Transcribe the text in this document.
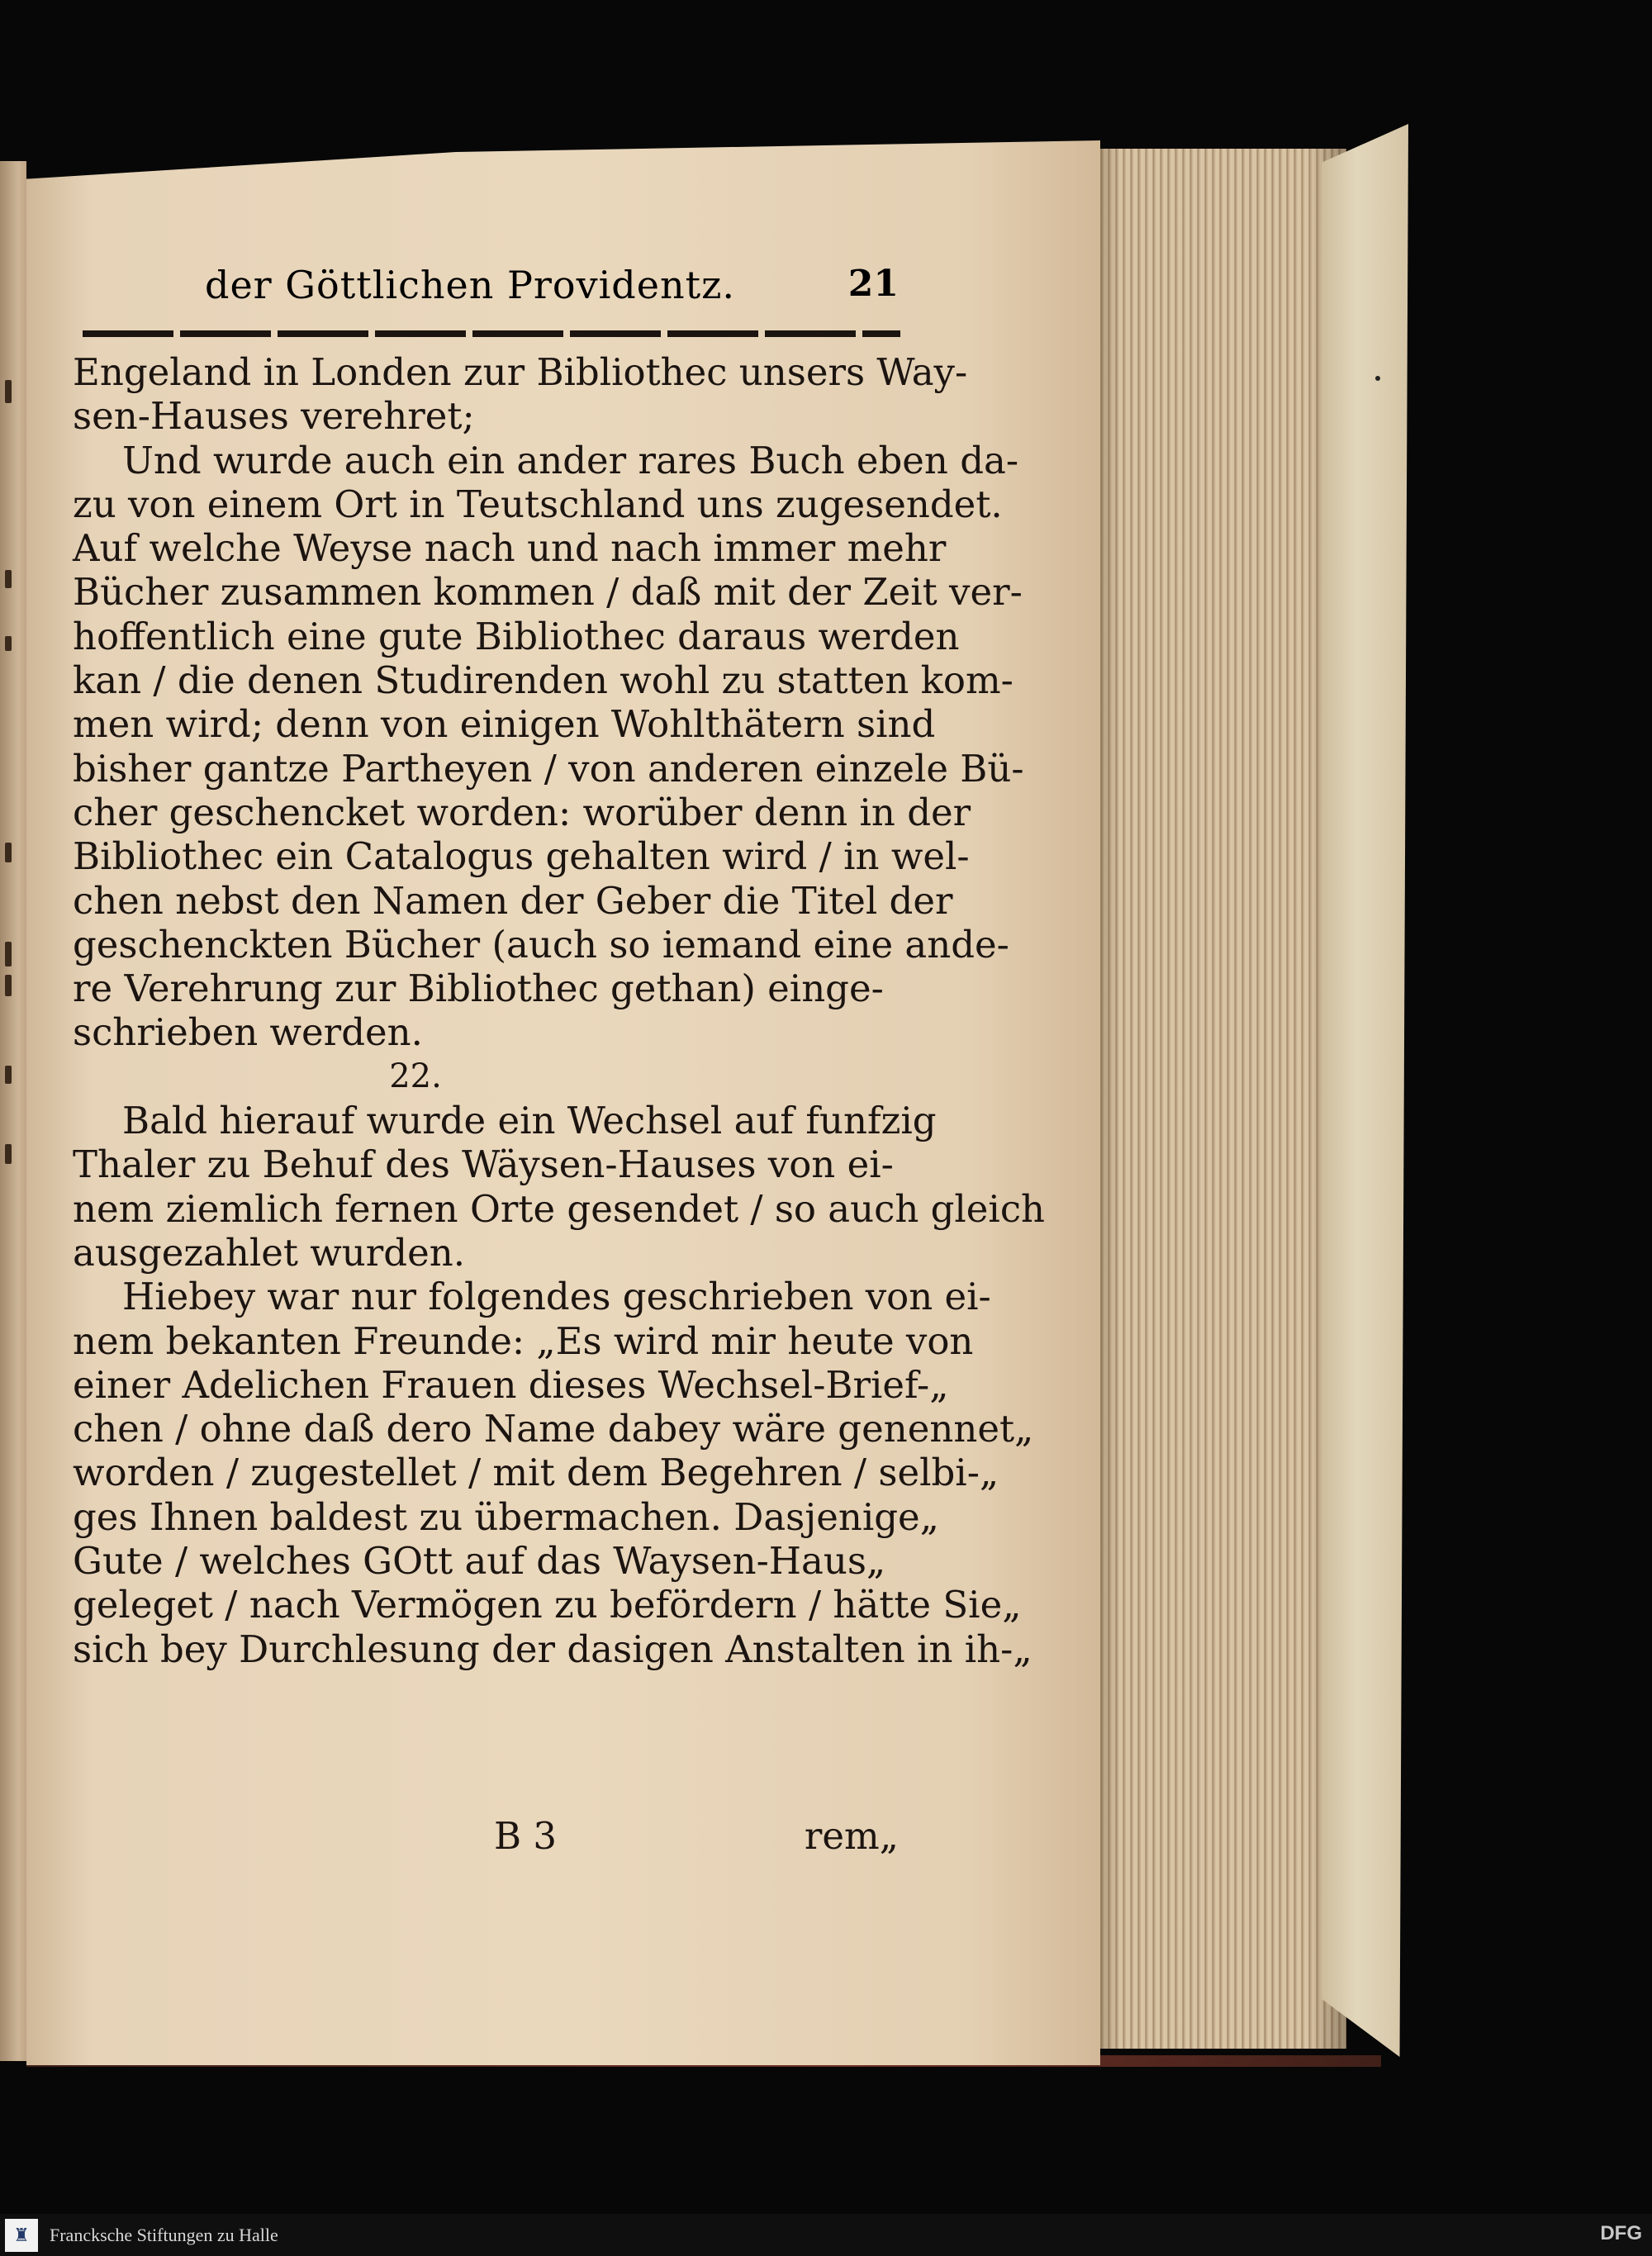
der Göttlichen Providentz.	21
Engeland in Londen zur Bibliothec unsers Way-
sen-Hauses verehret;
Und wurde auch ein ander rares Buch eben da-
zu von einem Ort in Teutschland uns zugesendet.
Auf welche Weyse nach und nach immer mehr
Bücher zusammen kommen / daß mit der Zeit ver-
hoffentlich eine gute Bibliothec daraus werden
kan / die denen Studirenden wohl zu statten kom-
men wird; denn von einigen Wohlthätern sind
bisher gantze Partheyen / von anderen einzele Bü-
cher geschencket worden: worüber denn in der
Bibliothec ein Catalogus gehalten wird / in wel-
chen nebst den Namen der Geber die Titel der
geschenckten Bücher (auch so iemand eine ande-
re Verehrung zur Bibliothec gethan) einge-
schrieben werden.
22.
Bald hierauf wurde ein Wechsel auf funfzig
Thaler zu Behuf des Wäysen-Hauses von ei-
nem ziemlich fernen Orte gesendet / so auch gleich
ausgezahlet wurden.
Hiebey war nur folgendes geschrieben von ei-
nem bekanten Freunde: „Es wird mir heute von
einer Adelichen Frauen dieses Wechsel-Brief-„
chen / ohne daß dero Name dabey wäre genennet„
worden / zugestellet / mit dem Begehren / selbi-„
ges Ihnen baldest zu übermachen. Dasjenige„
Gute / welches GOtt auf das Waysen-Haus„
geleget / nach Vermögen zu befördern / hätte Sie„
sich bey Durchlesung der dasigen Anstalten in ih-„
B 3	rem„
♜	Francksche Stiftungen zu Halle	DFG
